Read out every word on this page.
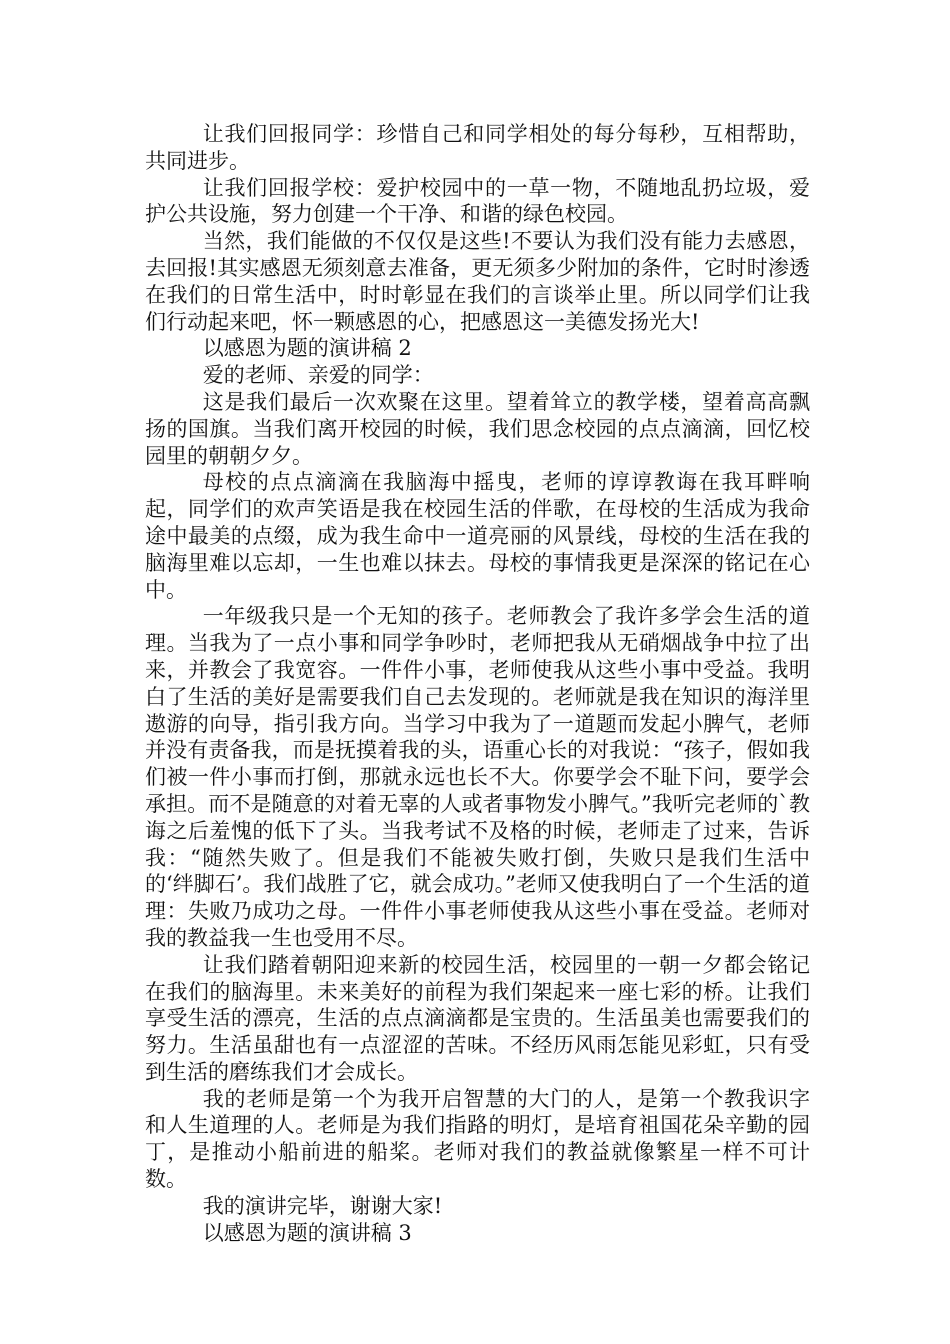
让我们回报同学：珍惜自己和同学相处的每分每秒，互相帮助，共同进步。

让我们回报学校：爱护校园中的一草一物，不随地乱扔垃圾，爱护公共设施，努力创建一个干净、和谐的绿色校园。

当然，我们能做的不仅仅是这些!不要认为我们没有能力去感恩，去回报!其实感恩无须刻意去准备，更无须多少附加的条件，它时时渗透在我们的日常生活中，时时彰显在我们的言谈举止里。所以同学们让我们行动起来吧，怀一颗感恩的心，把感恩这一美德发扬光大!

以感恩为题的演讲稿 2

爱的老师、亲爱的同学：

这是我们最后一次欢聚在这里。望着耸立的教学楼，望着高高飘扬的国旗。当我们离开校园的时候，我们思念校园的点点滴滴，回忆校园里的朝朝夕夕。

母校的点点滴滴在我脑海中摇曳，老师的谆谆教诲在我耳畔响起，同学们的欢声笑语是我在校园生活的伴歌，在母校的生活成为我命途中最美的点缀，成为我生命中一道亮丽的风景线，母校的生活在我的脑海里难以忘却，一生也难以抹去。母校的事情我更是深深的铭记在心中。

一年级我只是一个无知的孩子。老师教会了我许多学会生活的道理。当我为了一点小事和同学争吵时，老师把我从无硝烟战争中拉了出来，并教会了我宽容。一件件小事，老师使我从这些小事中受益。我明白了生活的美好是需要我们自己去发现的。老师就是我在知识的海洋里遨游的向导，指引我方向。当学习中我为了一道题而发起小脾气，老师并没有责备我，而是抚摸着我的头，语重心长的对我说：“孩子，假如我们被一件小事而打倒，那就永远也长不大。你要学会不耻下问，要学会承担。而不是随意的对着无辜的人或者事物发小脾气。”我听完老师的`教诲之后羞愧的低下了头。当我考试不及格的时候，老师走了过来，告诉我：“随然失败了。但是我们不能被失败打倒，失败只是我们生活中的‘绊脚石’。我们战胜了它，就会成功。”老师又使我明白了一个生活的道理：失败乃成功之母。一件件小事老师使我从这些小事在受益。老师对我的教益我一生也受用不尽。

让我们踏着朝阳迎来新的校园生活，校园里的一朝一夕都会铭记在我们的脑海里。未来美好的前程为我们架起来一座七彩的桥。让我们享受生活的漂亮，生活的点点滴滴都是宝贵的。生活虽美也需要我们的努力。生活虽甜也有一点涩涩的苦味。不经历风雨怎能见彩虹，只有受到生活的磨练我们才会成长。

我的老师是第一个为我开启智慧的大门的人，是第一个教我识字和人生道理的人。老师是为我们指路的明灯，是培育祖国花朵辛勤的园丁，是推动小船前进的船桨。老师对我们的教益就像繁星一样不可计数。

我的演讲完毕，谢谢大家!

以感恩为题的演讲稿 3
